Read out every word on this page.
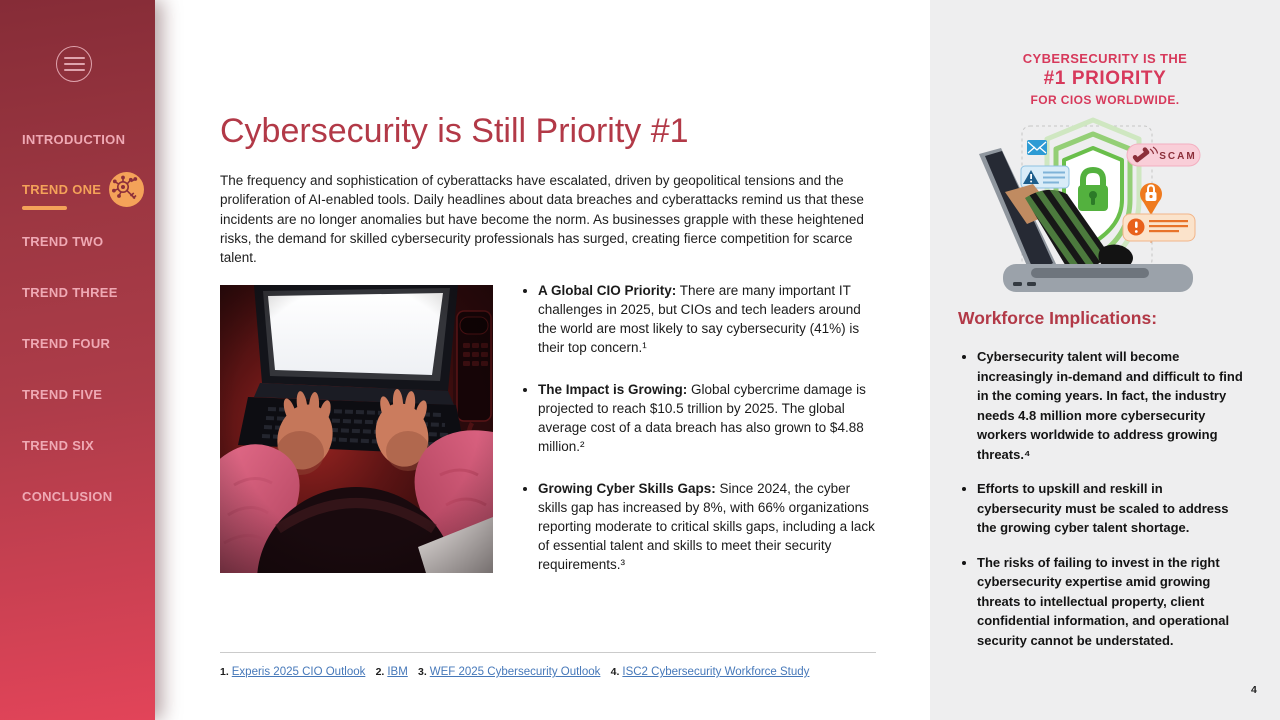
INTRODUCTION
TREND ONE
TREND TWO
TREND THREE
TREND FOUR
TREND FIVE
TREND SIX
CONCLUSION
Cybersecurity is Still Priority #1

The frequency and sophistication of cyberattacks have escalated, driven by geopolitical tensions and the proliferation of AI-enabled tools. Daily headlines about data breaches and cyberattacks remind us that these incidents are no longer anomalies but have become the norm. As businesses grapple with these heightened risks, the demand for skilled cybersecurity professionals has surged, creating fierce competition for scarce talent.

• A Global CIO Priority: There are many important IT challenges in 2025, but CIOs and tech leaders around the world are most likely to say cybersecurity (41%) is their top concern.¹
• The Impact is Growing: Global cybercrime damage is projected to reach $10.5 trillion by 2025. The global average cost of a data breach has also grown to $4.88 million.²
• Growing Cyber Skills Gaps: Since 2024, the cyber skills gap has increased by 8%, with 66% organizations reporting moderate to critical skills gaps, including a lack of essential talent and skills to meet their security requirements.³

1. Experis 2025 CIO Outlook 2. IBM 3. WEF 2025 Cybersecurity Outlook 4. ISC2 Cybersecurity Workforce Study

CYBERSECURITY IS THE
#1 PRIORITY
FOR CIOS WORLDWIDE.
SCAM
Workforce Implications:
• Cybersecurity talent will become increasingly in-demand and difficult to find in the coming years. In fact, the industry needs 4.8 million more cybersecurity workers worldwide to address growing threats.⁴
• Efforts to upskill and reskill in cybersecurity must be scaled to address the growing cyber talent shortage.
• The risks of failing to invest in the right cybersecurity expertise amid growing threats to intellectual property, client confidential information, and operational security cannot be understated.
4
